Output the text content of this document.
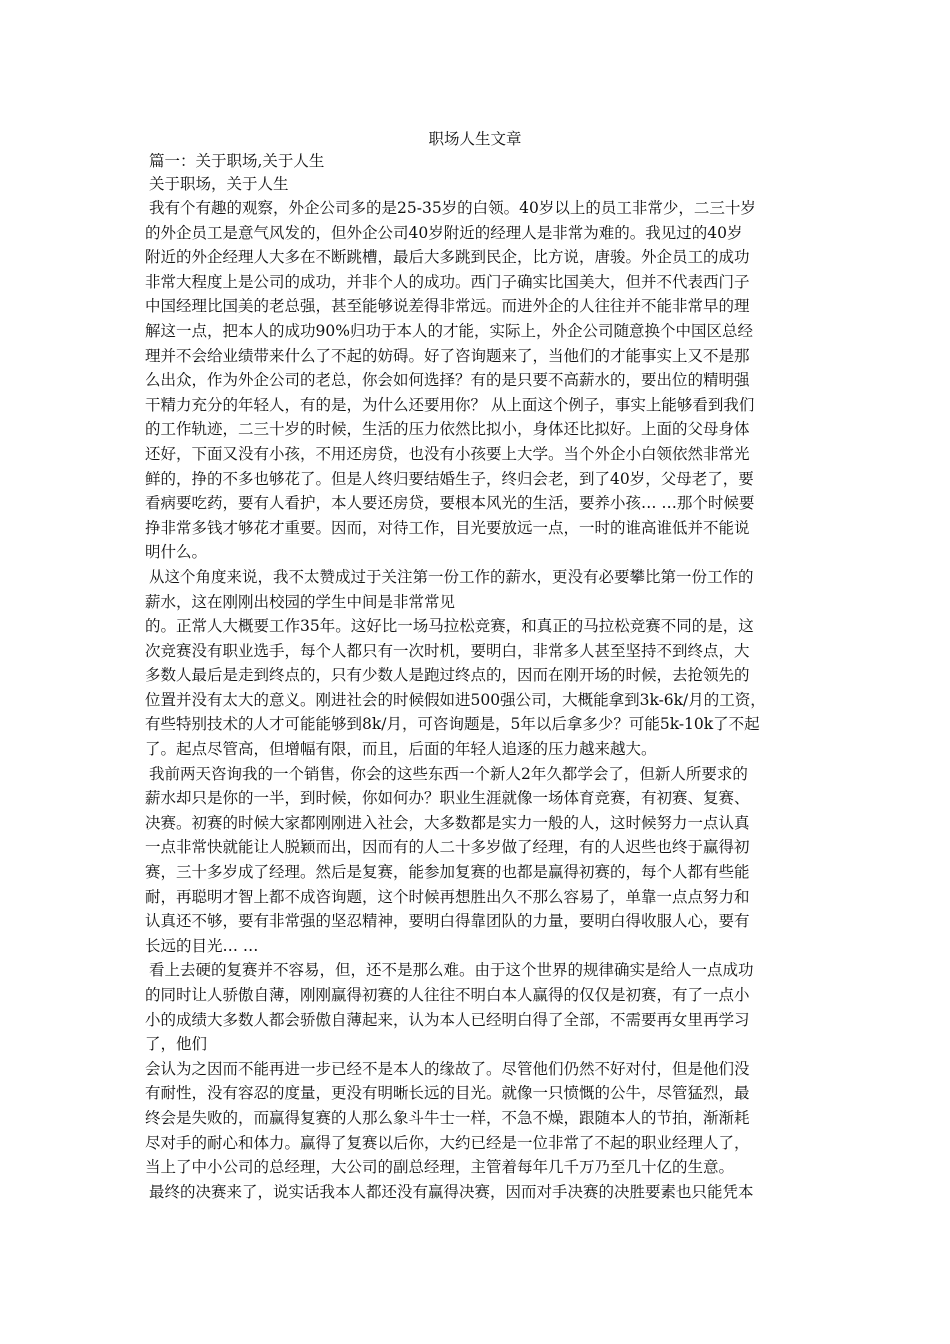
职场人生文章
篇一：关于职场,关于人生
关于职场，关于人生
我有个有趣的观察，外企公司多的是25-35岁的白领。40岁以上的员工非常少，二三十岁
的外企员工是意气风发的，但外企公司40岁附近的经理人是非常为难的。我见过的40岁
附近的外企经理人大多在不断跳槽，最后大多跳到民企，比方说，唐骏。外企员工的成功
非常大程度上是公司的成功，并非个人的成功。西门子确实比国美大，但并不代表西门子
中国经理比国美的老总强，甚至能够说差得非常远。而进外企的人往往并不能非常早的理
解这一点，把本人的成功90%归功于本人的才能，实际上，外企公司随意换个中国区总经
理并不会给业绩带来什么了不起的妨碍。好了咨询题来了，当他们的才能事实上又不是那
么出众，作为外企公司的老总，你会如何选择？有的是只要不高薪水的，要出位的精明强
干精力充分的年轻人，有的是，为什么还要用你？ 从上面这个例子，事实上能够看到我们
的工作轨迹，二三十岁的时候，生活的压力依然比拟小，身体还比拟好。上面的父母身体
还好，下面又没有小孩，不用还房贷，也没有小孩要上大学。当个外企小白领依然非常光
鲜的，挣的不多也够花了。但是人终归要结婚生子，终归会老，到了40岁，父母老了，要
看病要吃药，要有人看护，本人要还房贷，要根本风光的生活，要养小孩… …那个时候要
挣非常多钱才够花才重要。因而，对待工作，目光要放远一点，一时的谁高谁低并不能说
明什么。
从这个角度来说，我不太赞成过于关注第一份工作的薪水，更没有必要攀比第一份工作的
薪水，这在刚刚出校园的学生中间是非常常见
的。正常人大概要工作35年。这好比一场马拉松竞赛，和真正的马拉松竞赛不同的是，这
次竞赛没有职业选手，每个人都只有一次时机，要明白，非常多人甚至坚持不到终点，大
多数人最后是走到终点的，只有少数人是跑过终点的，因而在刚开场的时候，去抢领先的
位置并没有太大的意义。刚进社会的时候假如进500强公司，大概能拿到3k-6k/月的工资，
有些特别技术的人才可能能够到8k/月，可咨询题是，5年以后拿多少？可能5k-10k了不起
了。起点尽管高，但增幅有限，而且，后面的年轻人追逐的压力越来越大。
我前两天咨询我的一个销售，你会的这些东西一个新人2年久都学会了，但新人所要求的
薪水却只是你的一半，到时候，你如何办？职业生涯就像一场体育竞赛，有初赛、复赛、
决赛。初赛的时候大家都刚刚进入社会，大多数都是实力一般的人，这时候努力一点认真
一点非常快就能让人脱颖而出，因而有的人二十多岁做了经理，有的人迟些也终于赢得初
赛，三十多岁成了经理。然后是复赛，能参加复赛的也都是赢得初赛的，每个人都有些能
耐，再聪明才智上都不成咨询题，这个时候再想胜出久不那么容易了，单靠一点点努力和
认真还不够，要有非常强的坚忍精神，要明白得靠团队的力量，要明白得收服人心，要有
长远的目光… …
看上去硬的复赛并不容易，但，还不是那么难。由于这个世界的规律确实是给人一点成功
的同时让人骄傲自薄，刚刚赢得初赛的人往往不明白本人赢得的仅仅是初赛，有了一点小
小的成绩大多数人都会骄傲自薄起来，认为本人已经明白得了全部，不需要再女里再学习
了，他们
会认为之因而不能再进一步已经不是本人的缘故了。尽管他们仍然不好对付，但是他们没
有耐性，没有容忍的度量，更没有明晰长远的目光。就像一只愤慨的公牛，尽管猛烈，最
终会是失败的，而赢得复赛的人那么象斗牛士一样，不急不燥，跟随本人的节拍，渐渐耗
尽对手的耐心和体力。赢得了复赛以后你，大约已经是一位非常了不起的职业经理人了，
当上了中小公司的总经理，大公司的副总经理，主管着每年几千万乃至几十亿的生意。
最终的决赛来了，说实话我本人都还没有赢得决赛，因而对手决赛的决胜要素也只能凭本
